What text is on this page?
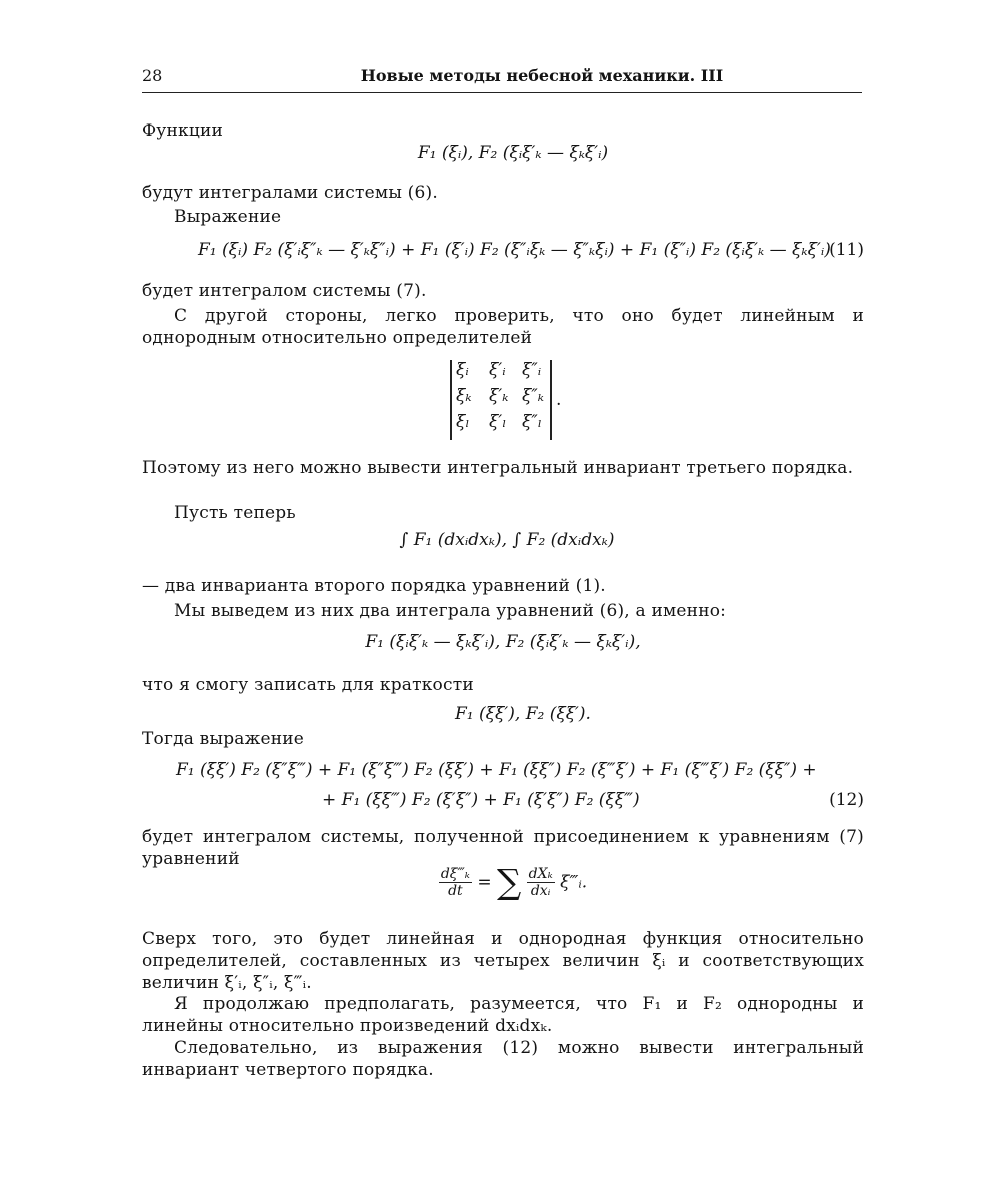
28	Новые методы небесной механики. III
Функции
F₁ (ξᵢ), F₂ (ξᵢξ′ₖ — ξₖξ′ᵢ)
будут интегралами системы (6).
Выражение
F₁ (ξᵢ) F₂ (ξ′ᵢξ″ₖ — ξ′ₖξ″ᵢ) + F₁ (ξ′ᵢ) F₂ (ξ″ᵢξₖ — ξ″ₖξᵢ) + F₁ (ξ″ᵢ) F₂ (ξᵢξ′ₖ — ξₖξ′ᵢ)
(11)
будет интегралом системы (7).
С другой стороны, легко проверить, что оно будет линейным и однородным относительно определителей
ξᵢ	ξ′ᵢ ξ″ᵢ
ξₖ	ξ′ₖ ξ″ₖ
ξₗ	ξ′ₗ ξ″ₗ
.
Поэтому из него можно вывести интегральный инвариант третьего порядка.
Пусть теперь
∫ F₁ (dxᵢdxₖ), ∫ F₂ (dxᵢdxₖ)
— два инварианта второго порядка уравнений (1).
Мы выведем из них два интеграла уравнений (6), а именно:
F₁ (ξᵢξ′ₖ — ξₖξ′ᵢ), F₂ (ξᵢξ′ₖ — ξₖξ′ᵢ),
что я смогу записать для краткости
F₁ (ξξ′), F₂ (ξξ′).
Тогда выражение
F₁ (ξξ′) F₂ (ξ″ξ‴) + F₁ (ξ″ξ‴) F₂ (ξξ′) + F₁ (ξξ″) F₂ (ξ‴ξ′) + F₁ (ξ‴ξ′) F₂ (ξξ″) +
+ F₁ (ξξ‴) F₂ (ξ′ξ″) + F₁ (ξ′ξ″) F₂ (ξξ‴)	(12)
будет интегралом системы, полученной присоединением к уравнениям (7) уравнений
$\frac{\text{dξ‴ₖ}}{dt}$ = ∑ $\frac{\text{dXₖ}}{\text{dxᵢ}}$ ξ‴ᵢ.
Сверх того, это будет линейная и однородная функция относительно определителей, составленных из четырех величин ξᵢ и соответствующих величин ξ′ᵢ, ξ″ᵢ, ξ‴ᵢ.
Я продолжаю предполагать, разумеется, что F₁ и F₂ однородны и линейны относительно произведений dxᵢdxₖ.
Следовательно, из выражения (12) можно вывести интегральный инвариант четвертого порядка.
